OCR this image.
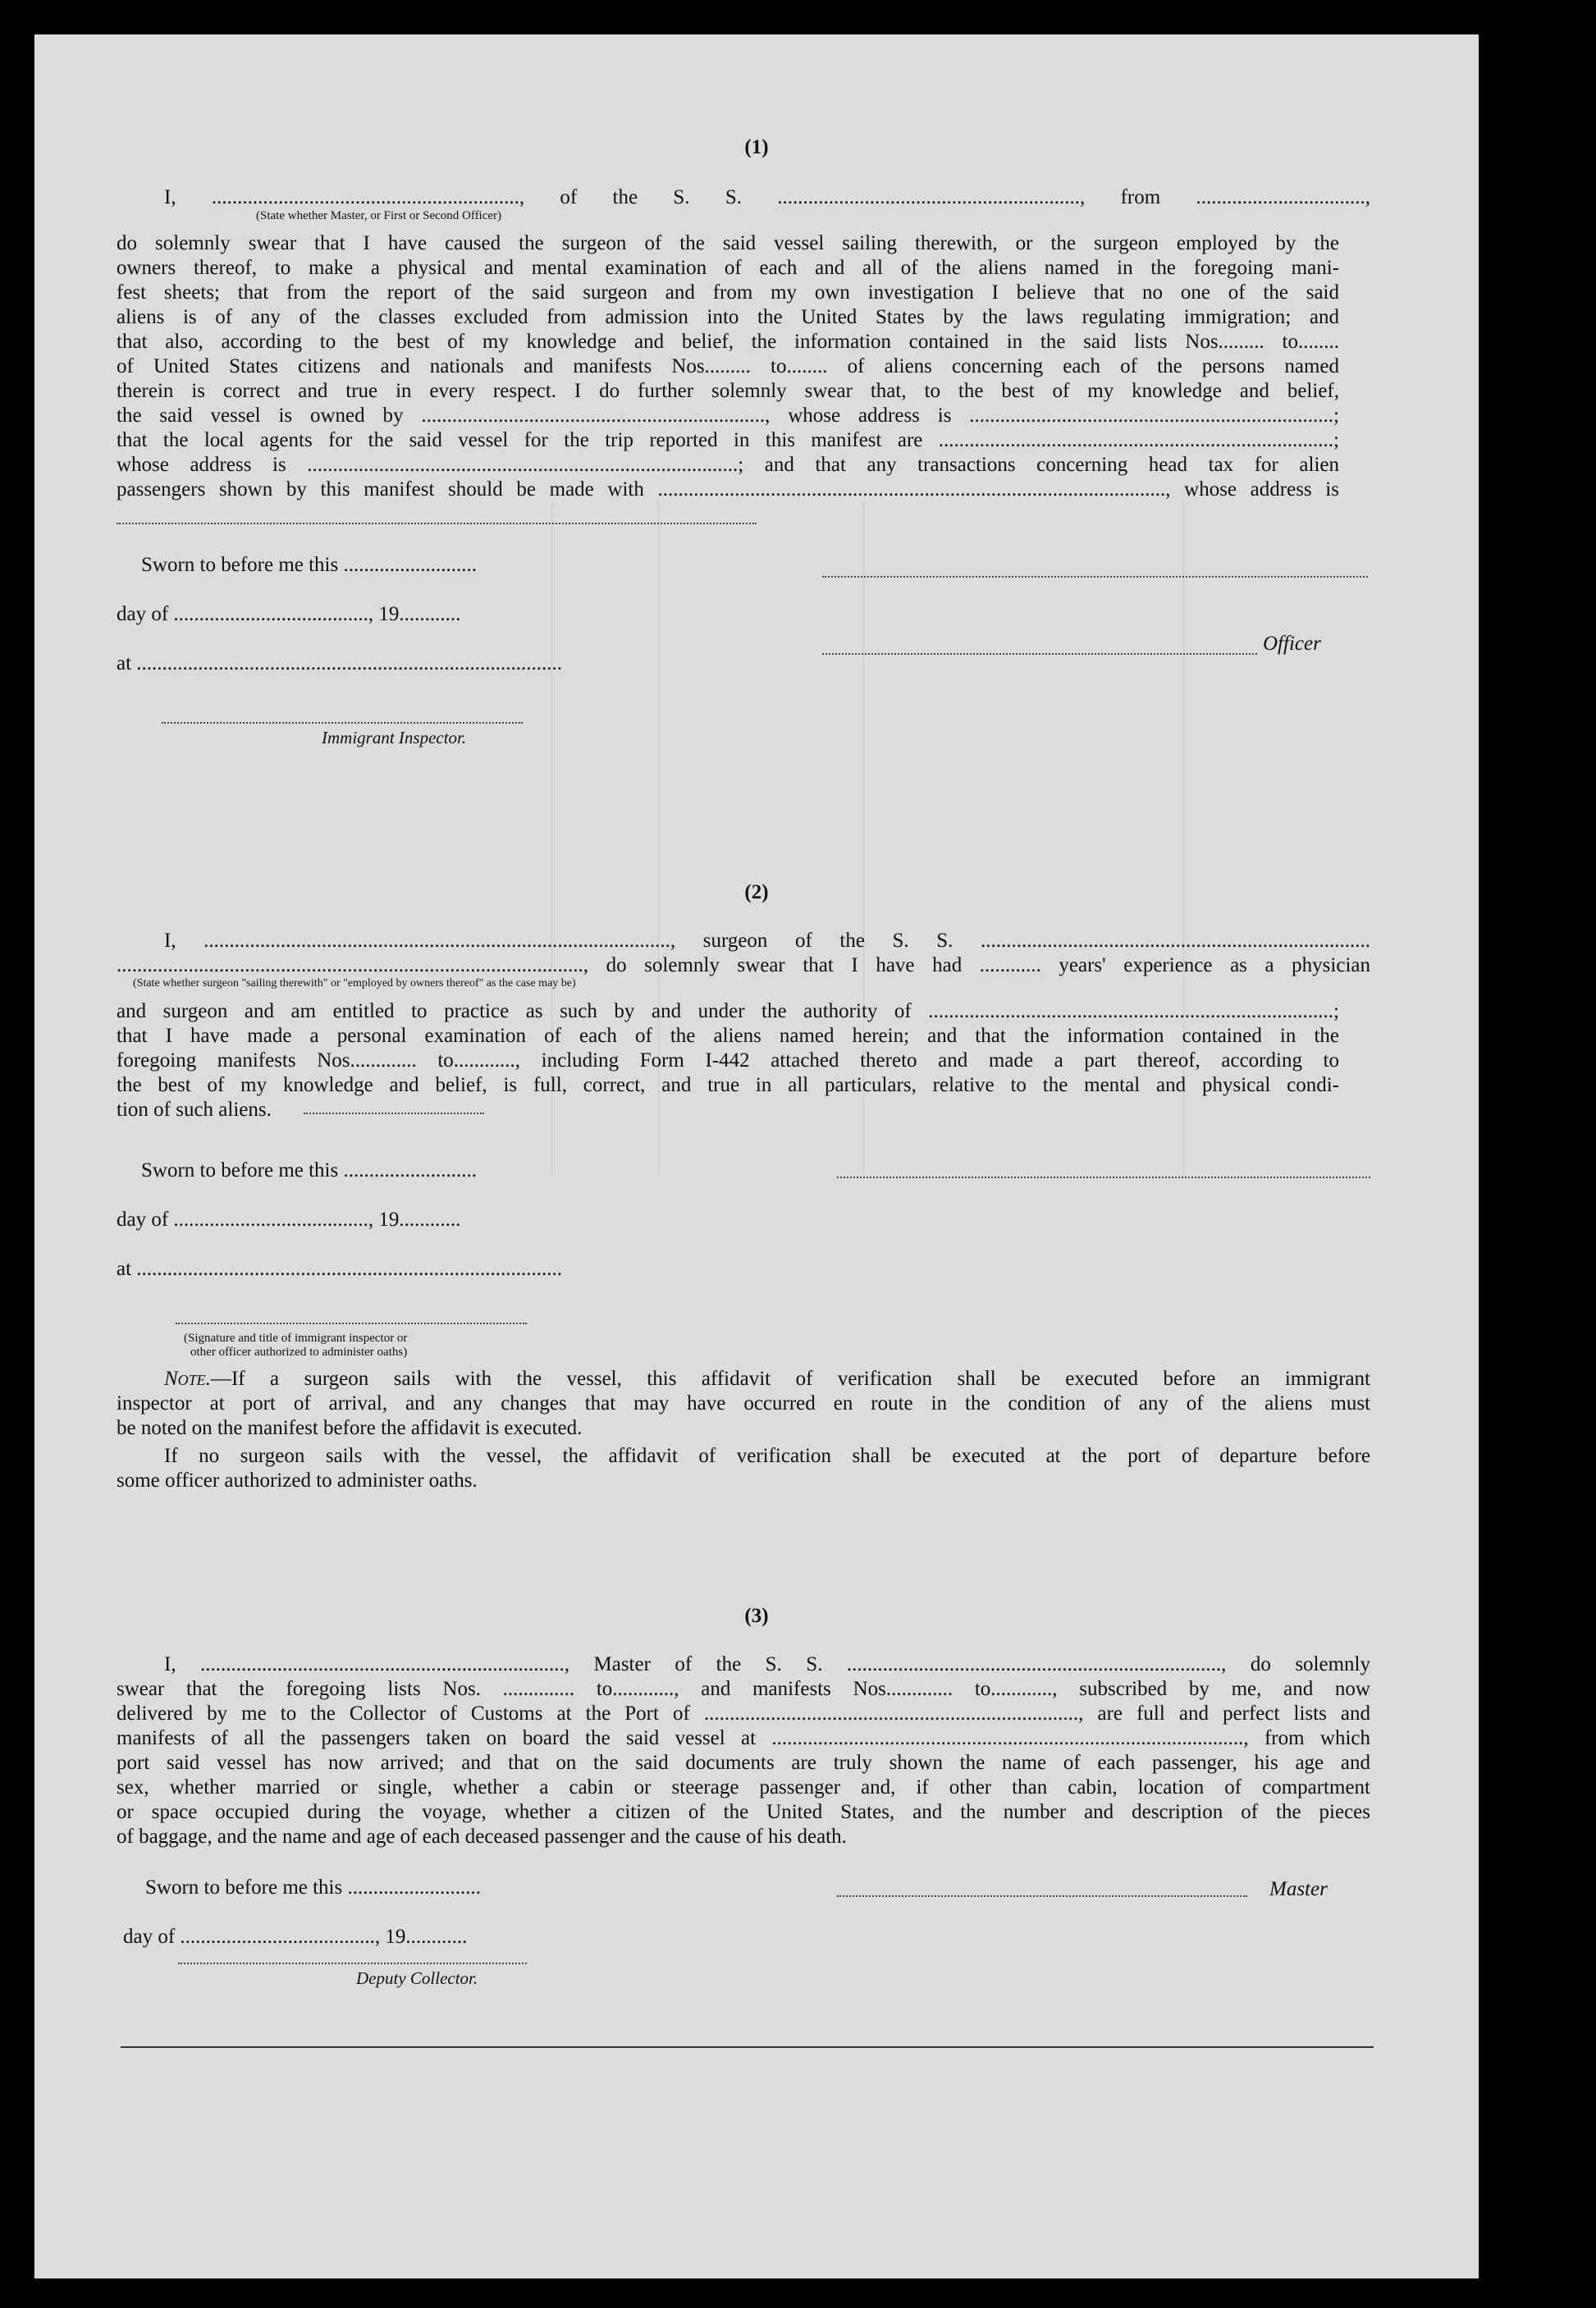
(1)
I, ............................................................, of the S. S. ..........................................................., from .................................,
(State whether Master, or First or Second Officer)
do solemnly swear that I have caused the surgeon of the said vessel sailing therewith, or the surgeon employed by the
owners thereof, to make a physical and mental examination of each and all of the aliens named in the foregoing mani-
fest sheets; that from the report of the said surgeon and from my own investigation I believe that no one of the said
aliens is of any of the classes excluded from admission into the United States by the laws regulating immigration; and
that also, according to the best of my knowledge and belief, the information contained in the said lists Nos......... to........
of United States citizens and nationals and manifests Nos......... to........ of aliens concerning each of the persons named
therein is correct and true in every respect. I do further solemnly swear that, to the best of my knowledge and belief,
the said vessel is owned by ..................................................................., whose address is .......................................................................;
that the local agents for the said vessel for the trip reported in this manifest are .............................................................................;
whose address is ....................................................................................; and that any transactions concerning head tax for alien
passengers shown by this manifest should be made with ..................................................................................................., whose address is
Sworn to before me this ..........................
day of ......................................, 19............
at ...................................................................................
Immigrant Inspector.
Officer
(2)
I, ..........................................................................................., surgeon of the S. S. ............................................................................
..........................................................................................., do solemnly swear that I have had ............ years' experience as a physician
(State whether surgeon "sailing therewith" or "employed by owners thereof" as the case may be)
and surgeon and am entitled to practice as such by and under the authority of ...............................................................................;
that I have made a personal examination of each of the aliens named herein; and that the information contained in the
foregoing manifests Nos............. to............, including Form I-442 attached thereto and made a part thereof, according to
the best of my knowledge and belief, is full, correct, and true in all particulars, relative to the mental and physical condi-
tion of such aliens.
Sworn to before me this ..........................
day of ......................................, 19............
at ...................................................................................
(Signature and title of immigrant inspector or
other officer authorized to administer oaths)
Note.—If a surgeon sails with the vessel, this affidavit of verification shall be executed before an immigrant
inspector at port of arrival, and any changes that may have occurred en route in the condition of any of the aliens must
be noted on the manifest before the affidavit is executed.
If no surgeon sails with the vessel, the affidavit of verification shall be executed at the port of departure before
some officer authorized to administer oaths.
(3)
I, ......................................................................., Master of the S. S. ........................................................................., do solemnly
swear that the foregoing lists Nos. .............. to............, and manifests Nos............. to............, subscribed by me, and now
delivered by me to the Collector of Customs at the Port of ........................................................................., are full and perfect lists and
manifests of all the passengers taken on board the said vessel at ............................................................................................, from which
port said vessel has now arrived; and that on the said documents are truly shown the name of each passenger, his age and
sex, whether married or single, whether a cabin or steerage passenger and, if other than cabin, location of compartment
or space occupied during the voyage, whether a citizen of the United States, and the number and description of the pieces
of baggage, and the name and age of each deceased passenger and the cause of his death.
Sworn to before me this ..........................
day of ......................................, 19............
Deputy Collector.
Master
